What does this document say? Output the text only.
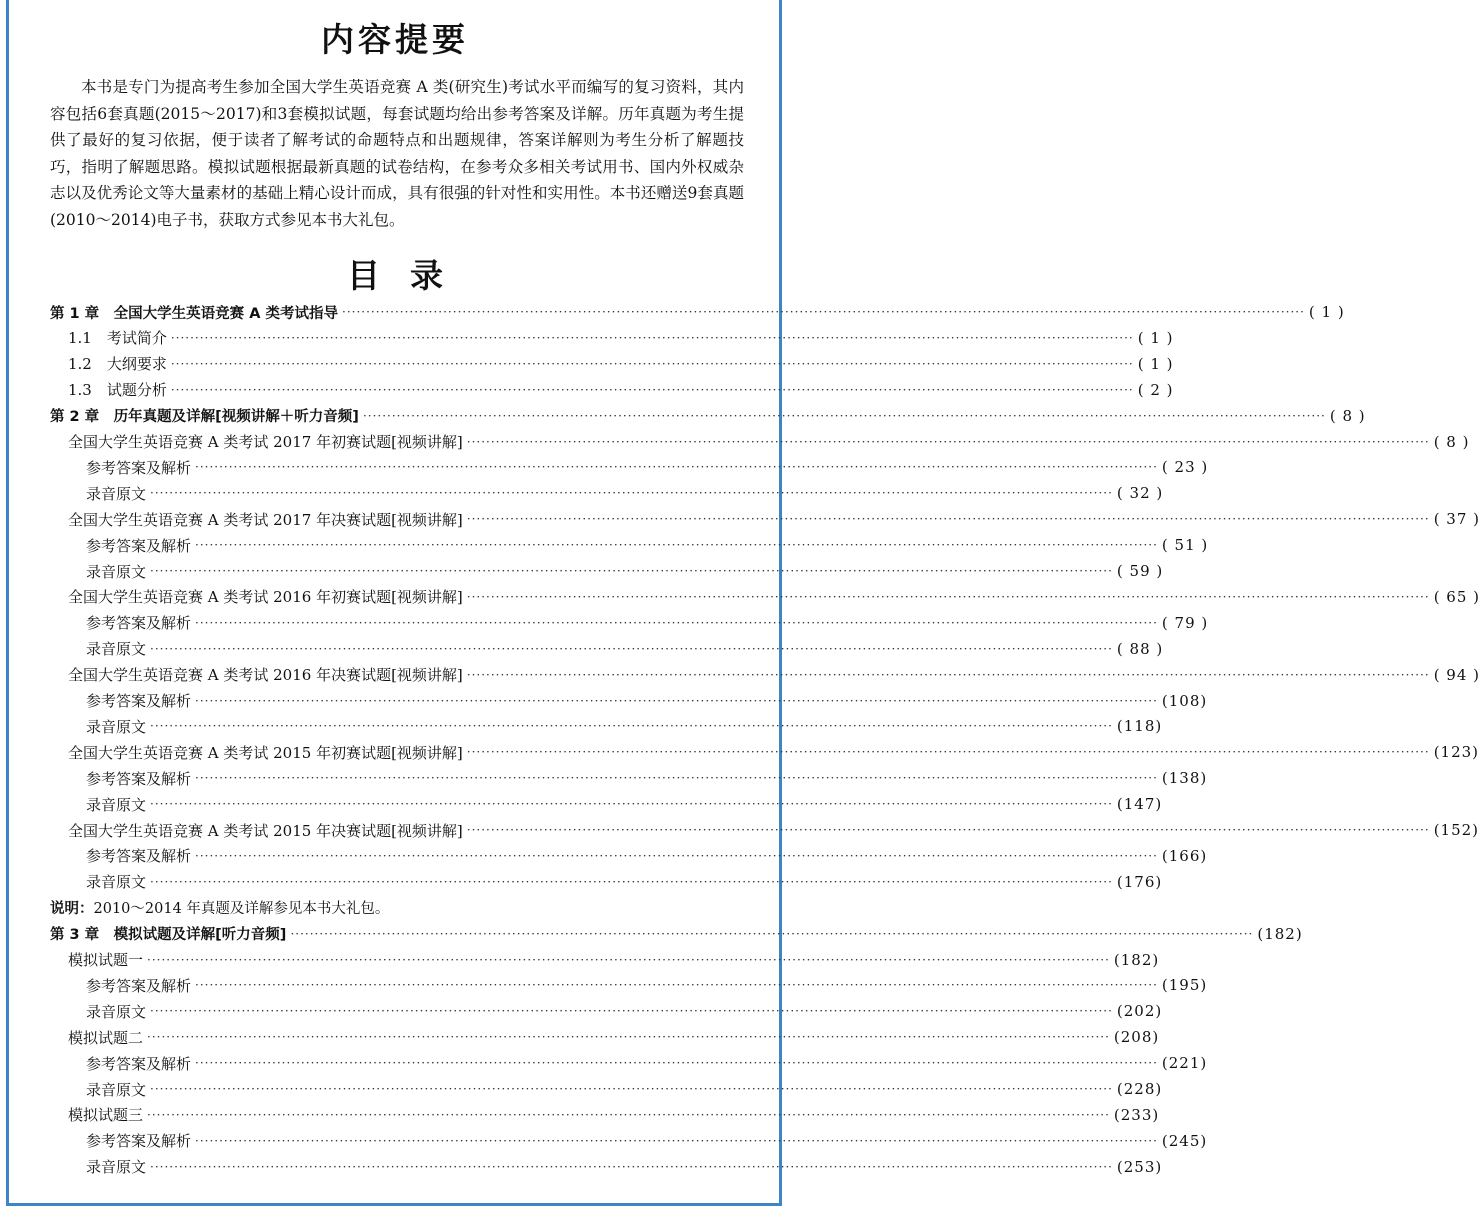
内容提要

本书是专门为提高考生参加全国大学生英语竞赛 A 类(研究生)考试水平而编写的复习资料，其内容包括6套真题(2015～2017)和3套模拟试题，每套试题均给出参考答案及详解。历年真题为考生提供了最好的复习依据，便于读者了解考试的命题特点和出题规律，答案详解则为考生分析了解题技巧，指明了解题思路。模拟试题根据最新真题的试卷结构，在参考众多相关考试用书、国内外权威杂志以及优秀论文等大量素材的基础上精心设计而成，具有很强的针对性和实用性。本书还赠送9套真题(2010～2014)电子书，获取方式参见本书大礼包。

目录
第 1 章　全国大学生英语竞赛 A 类考试指导 ········································································································································································································ ( 1 )
1.1　考试简介 ········································································································································································································ ( 1 )
1.2　大纲要求 ········································································································································································································ ( 1 )
1.3　试题分析 ········································································································································································································ ( 2 )
第 2 章　历年真题及详解[视频讲解＋听力音频] ········································································································································································································ ( 8 )
全国大学生英语竞赛 A 类考试 2017 年初赛试题[视频讲解] ········································································································································································································ ( 8 )
参考答案及解析 ········································································································································································································ ( 23 )
录音原文 ········································································································································································································ ( 32 )
全国大学生英语竞赛 A 类考试 2017 年决赛试题[视频讲解] ········································································································································································································ ( 37 )
参考答案及解析 ········································································································································································································ ( 51 )
录音原文 ········································································································································································································ ( 59 )
全国大学生英语竞赛 A 类考试 2016 年初赛试题[视频讲解] ········································································································································································································ ( 65 )
参考答案及解析 ········································································································································································································ ( 79 )
录音原文 ········································································································································································································ ( 88 )
全国大学生英语竞赛 A 类考试 2016 年决赛试题[视频讲解] ········································································································································································································ ( 94 )
参考答案及解析 ········································································································································································································ (108)
录音原文 ········································································································································································································ (118)
全国大学生英语竞赛 A 类考试 2015 年初赛试题[视频讲解] ········································································································································································································ (123)
参考答案及解析 ········································································································································································································ (138)
录音原文 ········································································································································································································ (147)
全国大学生英语竞赛 A 类考试 2015 年决赛试题[视频讲解] ········································································································································································································ (152)
参考答案及解析 ········································································································································································································ (166)
录音原文 ········································································································································································································ (176)
第 3 章　模拟试题及详解[听力音频] ········································································································································································································ (182)
模拟试题一 ········································································································································································································ (182)
参考答案及解析 ········································································································································································································ (195)
录音原文 ········································································································································································································ (202)
模拟试题二 ········································································································································································································ (208)
参考答案及解析 ········································································································································································································ (221)
录音原文 ········································································································································································································ (228)
模拟试题三 ········································································································································································································ (233)
参考答案及解析 ········································································································································································································ (245)
录音原文 ········································································································································································································ (253)
说明：2010～2014 年真题及详解参见本书大礼包。
